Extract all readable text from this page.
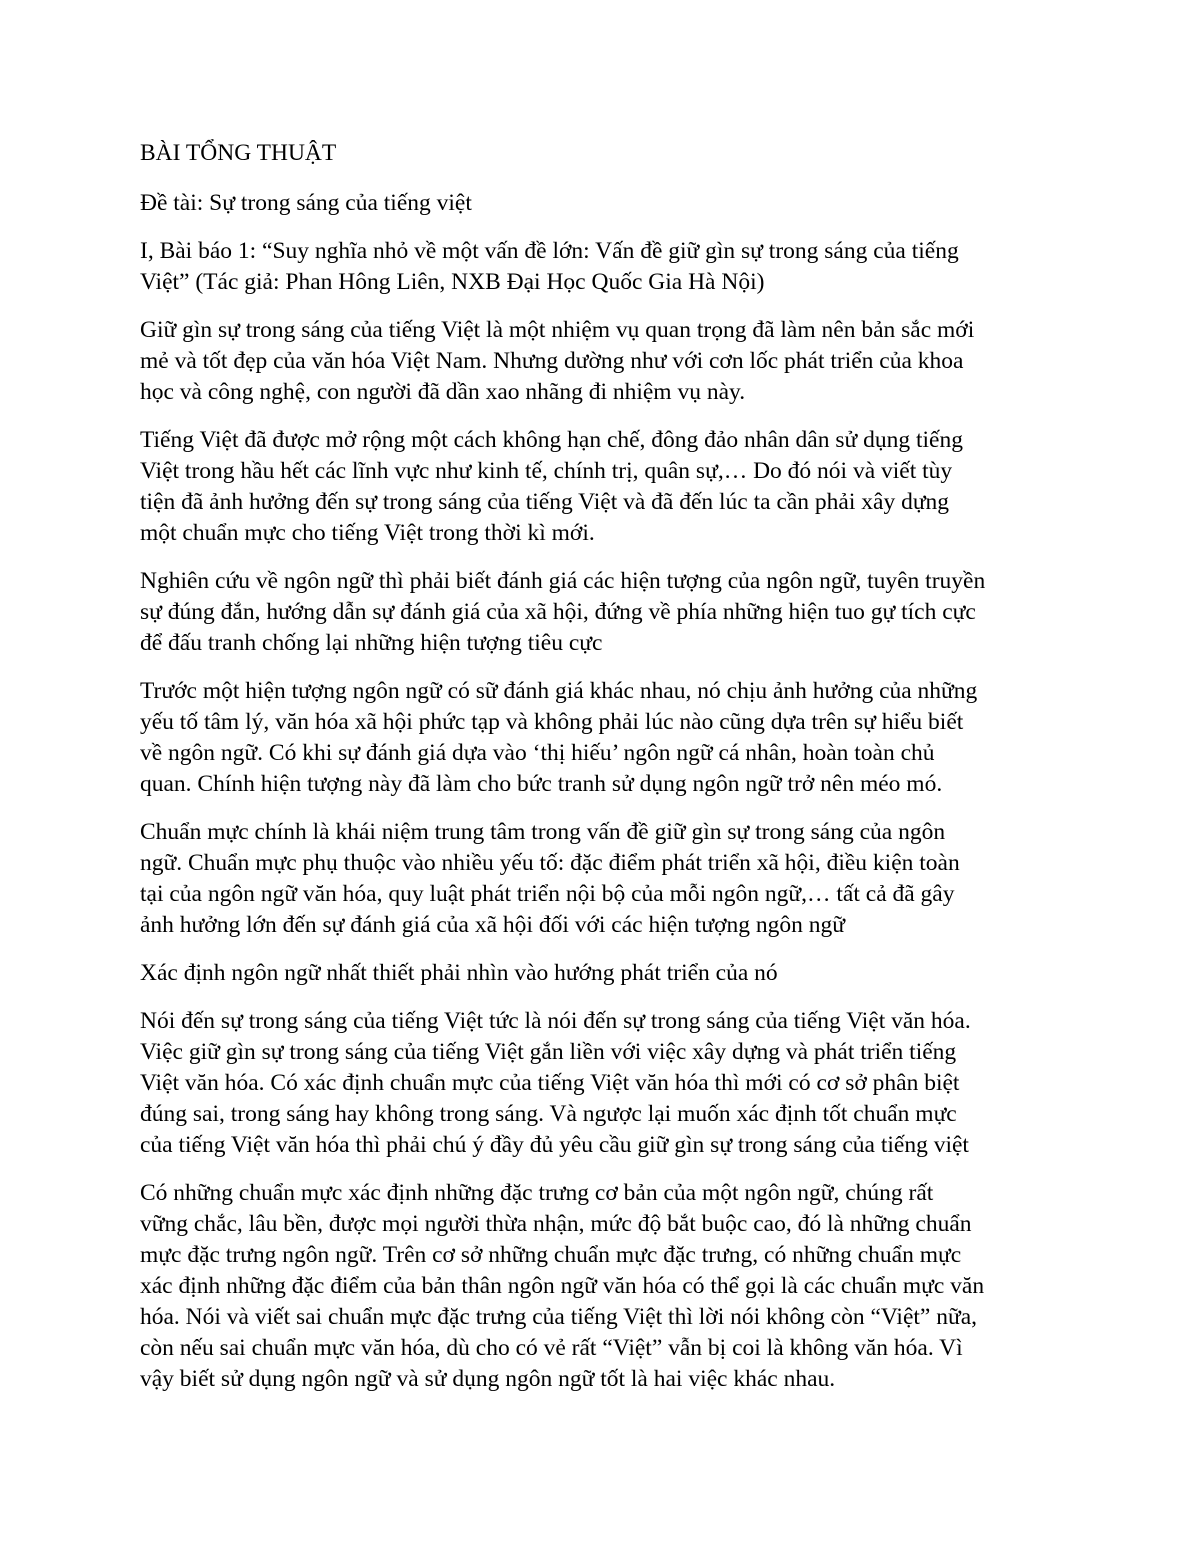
BÀI TỔNG THUẬT
Đề tài: Sự trong sáng của tiếng việt
I, Bài báo 1: “Suy nghĩa nhỏ về một vấn đề lớn: Vấn đề giữ gìn sự trong sáng của tiếng
Việt” (Tác giả: Phan Hông Liên, NXB Đại Học Quốc Gia Hà Nội)
Giữ gìn sự trong sáng của tiếng Việt là một nhiệm vụ quan trọng đã làm nên bản sắc mới
mẻ và tốt đẹp của văn hóa Việt Nam. Nhưng dường như với cơn lốc phát triển của khoa
học và công nghệ, con người đã dần xao nhãng đi nhiệm vụ này.
Tiếng Việt đã được mở rộng một cách không hạn chế, đông đảo nhân dân sử dụng tiếng
Việt trong hầu hết các lĩnh vực như kinh tế, chính trị, quân sự,… Do đó nói và viết tùy
tiện đã ảnh hưởng đến sự trong sáng của tiếng Việt và đã đến lúc ta cần phải xây dựng
một chuẩn mực cho tiếng Việt trong thời kì mới.
Nghiên cứu về ngôn ngữ thì phải biết đánh giá các hiện tượng của ngôn ngữ, tuyên truyền
sự đúng đắn, hướng dẫn sự đánh giá của xã hội, đứng về phía những hiện tuo gự tích cực
để đấu tranh chống lại những hiện tượng tiêu cực
Trước một hiện tượng ngôn ngữ có sữ đánh giá khác nhau, nó chịu ảnh hưởng của những
yếu tố tâm lý, văn hóa xã hội phức tạp và không phải lúc nào cũng dựa trên sự hiểu biết
về ngôn ngữ. Có khi sự đánh giá dựa vào ‘thị hiếu’ ngôn ngữ cá nhân, hoàn toàn chủ
quan. Chính hiện tượng này đã làm cho bức tranh sử dụng ngôn ngữ trở nên méo mó.
Chuẩn mực chính là khái niệm trung tâm trong vấn đề giữ gìn sự trong sáng của ngôn
ngữ. Chuẩn mực phụ thuộc vào nhiều yếu tố: đặc điểm phát triển xã hội, điều kiện toàn
tại của ngôn ngữ văn hóa, quy luật phát triển nội bộ của mỗi ngôn ngữ,… tất cả đã gây
ảnh hưởng lớn đến sự đánh giá của xã hội đối với các hiện tượng ngôn ngữ
Xác định ngôn ngữ nhất thiết phải nhìn vào hướng phát triển của nó
Nói đến sự trong sáng của tiếng Việt tức là nói đến sự trong sáng của tiếng Việt văn hóa.
Việc giữ gìn sự trong sáng của tiếng Việt gắn liền với việc xây dựng và phát triển tiếng
Việt văn hóa. Có xác định chuẩn mực của tiếng Việt văn hóa thì mới có cơ sở phân biệt
đúng sai, trong sáng hay không trong sáng. Và ngược lại muốn xác định tốt chuẩn mực
của tiếng Việt văn hóa thì phải chú ý đầy đủ yêu cầu giữ gìn sự trong sáng của tiếng việt
Có những chuẩn mực xác định những đặc trưng cơ bản của một ngôn ngữ, chúng rất
vững chắc, lâu bền, được mọi người thừa nhận, mức độ bắt buộc cao, đó là những chuẩn
mực đặc trưng ngôn ngữ. Trên cơ sở những chuẩn mực đặc trưng, có những chuẩn mực
xác định những đặc điểm của bản thân ngôn ngữ văn hóa có thể gọi là các chuẩn mực văn
hóa. Nói và viết sai chuẩn mực đặc trưng của tiếng Việt thì lời nói không còn “Việt” nữa,
còn nếu sai chuẩn mực văn hóa, dù cho có vẻ rất “Việt” vẫn bị coi là không văn hóa. Vì
vậy biết sử dụng ngôn ngữ và sử dụng ngôn ngữ tốt là hai việc khác nhau.
